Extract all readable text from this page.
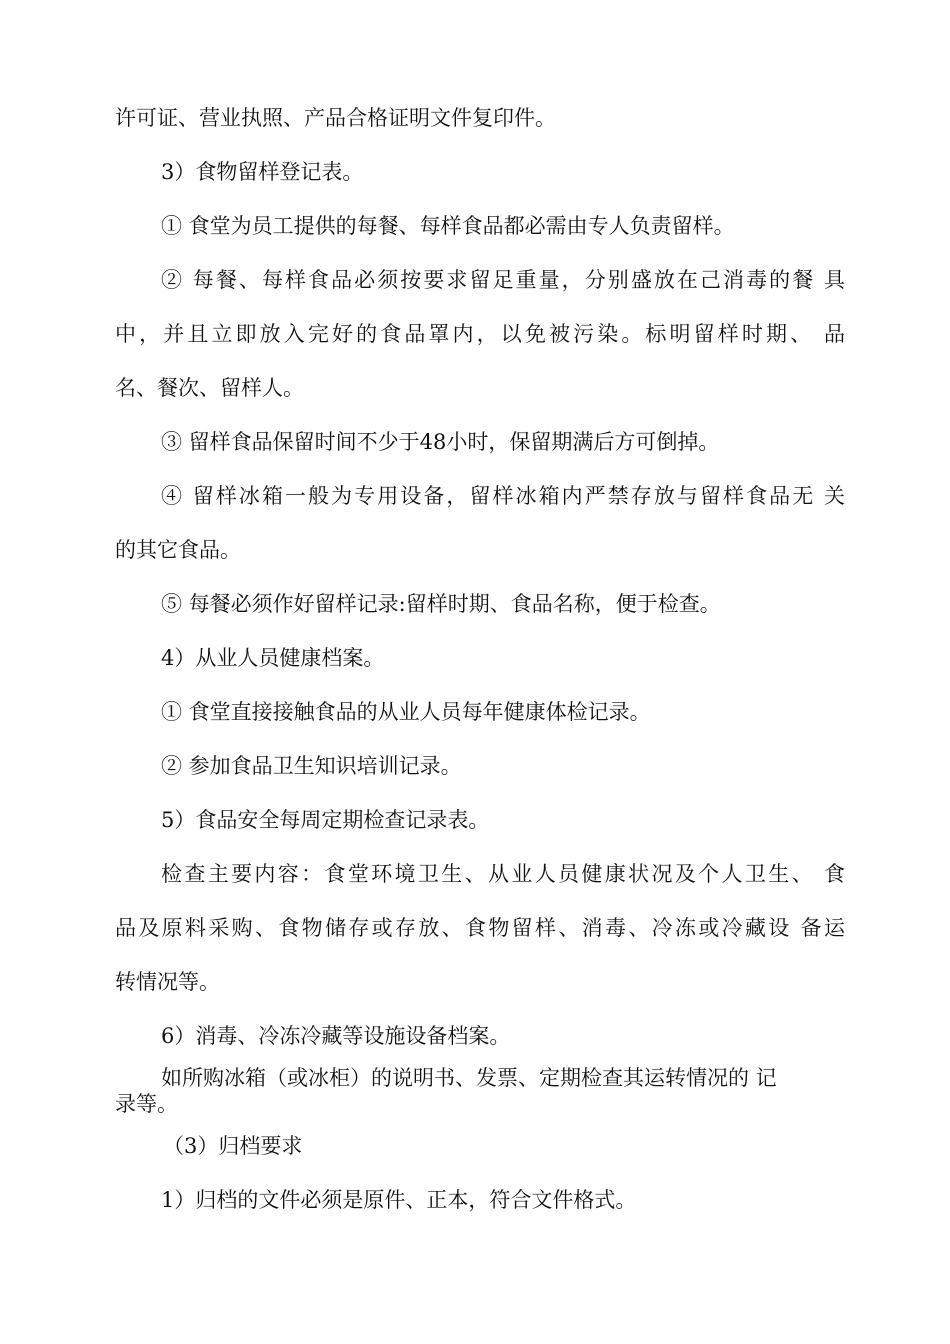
许可证、营业执照、产品合格证明文件复印件。
3）食物留样登记表。
① 食堂为员工提供的每餐、每样食品都必需由专人负责留样。
② 每餐、每样食品必须按要求留足重量，分别盛放在己消毒的餐 具
中，并且立即放入完好的食品罩内，以免被污染。标明留样时期、 品
名、餐次、留样人。
③ 留样食品保留时间不少于48小时，保留期满后方可倒掉。
④ 留样冰箱一般为专用设备，留样冰箱内严禁存放与留样食品无 关
的其它食品。
⑤ 每餐必须作好留样记录:留样时期、食品名称，便于检查。
4）从业人员健康档案。
① 食堂直接接触食品的从业人员每年健康体检记录。
② 参加食品卫生知识培训记录。
5）食品安全每周定期检查记录表。
检查主要内容：食堂环境卫生、从业人员健康状况及个人卫生、 食
品及原料采购、食物储存或存放、食物留样、消毒、冷冻或冷藏设 备运
转情况等。
6）消毒、冷冻冷藏等设施设备档案。
如所购冰箱（或冰柜）的说明书、发票、定期检查其运转情况的 记
录等。
（3）归档要求
1）归档的文件必须是原件、正本，符合文件格式。
